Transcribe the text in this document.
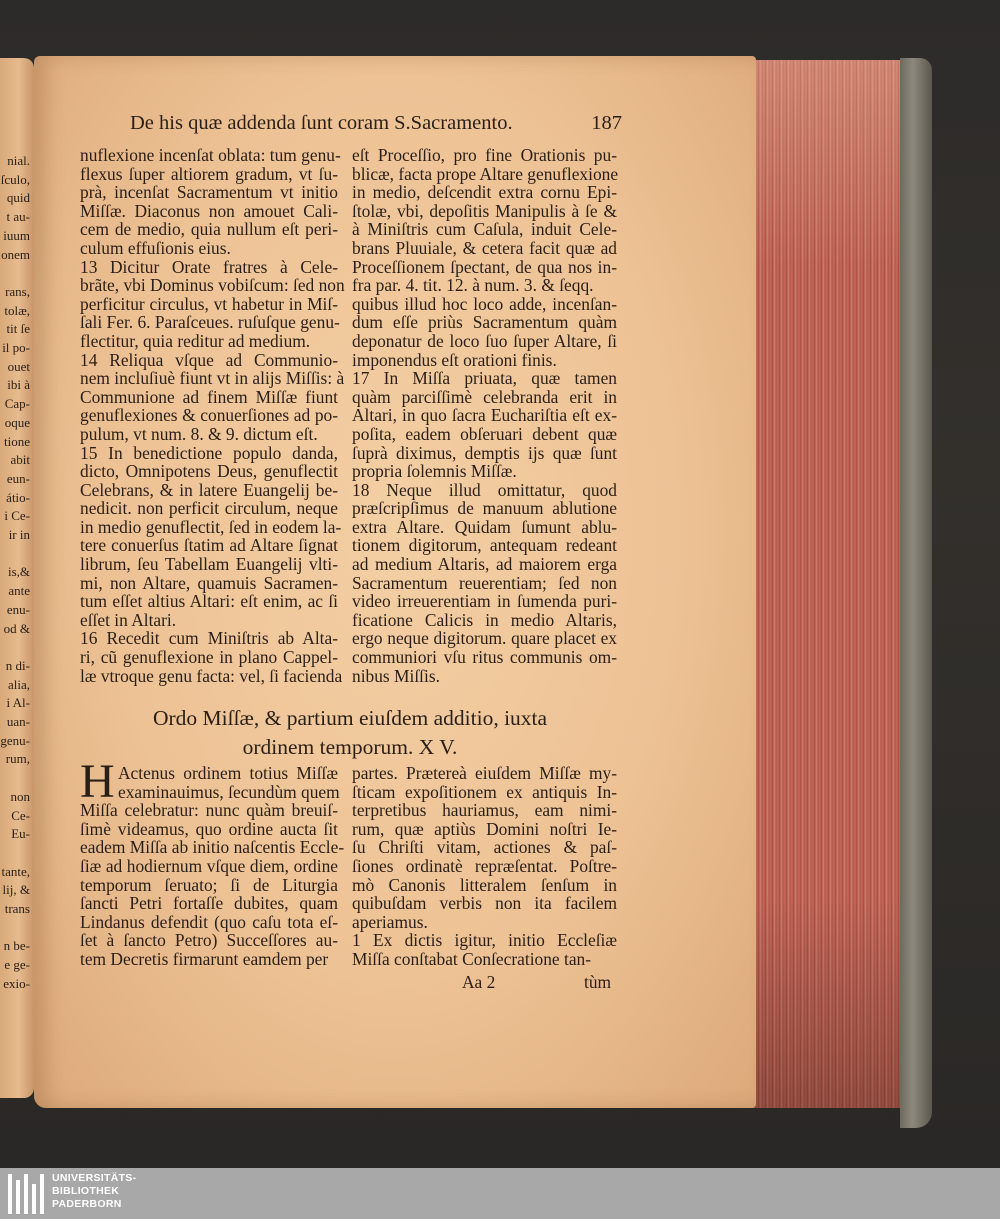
nial.
ſculo,
quid
t au-
iuum
onem
rans,
tolæ,
tit ſe
il po-
ouet
ibi à
Cap-
oque
tione
abit
eun-
átio-
i Ce-
ir in
is,&
ante
enu-
od &
n di-
alia,
i Al-
uan-
genu-
rum,
non
Ce-
Eu-
tante,
lij, &
trans
n be-
e ge-
exio-
De his quæ addenda ſunt coram S.Sacramento.	187
nuflexione incenſat oblata: tum genu-
flexus ſuper altiorem gradum, vt ſu-
prà, incenſat Sacramentum vt initio
Miſſæ. Diaconus non amouet Cali-
cem de medio, quia nullum eſt peri-
culum effuſionis eius.
13 Dicitur Orate fratres à Cele-
brãte, vbi Dominus vobiſcum: ſed non
perficitur circulus, vt habetur in Miſ-
ſali Fer. 6. Paraſceues. ruſuſque genu-
flectitur, quia reditur ad medium.
14 Reliqua vſque ad Communio-
nem incluſiuè fiunt vt in alijs Miſſis: à
Communione ad finem Miſſæ fiunt
genuflexiones & conuerſiones ad po-
pulum, vt num. 8. & 9. dictum eſt.
15 In benedictione populo danda,
dicto, Omnipotens Deus, genuflectit
Celebrans, & in latere Euangelij be-
nedicit. non perficit circulum, neque
in medio genuflectit, ſed in eodem la-
tere conuerſus ſtatim ad Altare ſignat
librum, ſeu Tabellam Euangelij vlti-
mi, non Altare, quamuis Sacramen-
tum eſſet altius Altari: eſt enim, ac ſi
eſſet in Altari.
16 Recedit cum Miniſtris ab Alta-
ri, cũ genuflexione in plano Cappel-
læ vtroque genu facta: vel, ſi facienda
eſt Proceſſio, pro fine Orationis pu-
blicæ, facta prope Altare genuflexione
in medio, deſcendit extra cornu Epi-
ſtolæ, vbi, depoſitis Manipulis à ſe &
à Miniſtris cum Caſula, induit Cele-
brans Pluuiale, & cetera facit quæ ad
Proceſſionem ſpectant, de qua nos in-
fra par. 4. tit. 12. à num. 3. & ſeqq.
quibus illud hoc loco adde, incenſan-
dum eſſe priùs Sacramentum quàm
deponatur de loco ſuo ſuper Altare, ſi
imponendus eſt orationi finis.
17 In Miſſa priuata, quæ tamen
quàm parciſſimè celebranda erit in
Altari, in quo ſacra Euchariſtia eſt ex-
poſita, eadem obſeruari debent quæ
ſuprà diximus, demptis ijs quæ ſunt
propria ſolemnis Miſſæ.
18 Neque illud omittatur, quod
præſcripſimus de manuum ablutione
extra Altare. Quidam ſumunt ablu-
tionem digitorum, antequam redeant
ad medium Altaris, ad maiorem erga
Sacramentum reuerentiam; ſed non
video irreuerentiam in ſumenda puri-
ficatione Calicis in medio Altaris,
ergo neque digitorum. quare placet ex
communiori vſu ritus communis om-
nibus Miſſis.
Ordo Miſſæ, & partium eiuſdem additio, iuxta
ordinem temporum. X V.
H Actenus ordinem totius Miſſæ
examinauimus, ſecundùm quem
Miſſa celebratur: nunc quàm breuiſ-
ſimè videamus, quo ordine aucta ſit
eadem Miſſa ab initio naſcentis Eccle-
ſiæ ad hodiernum vſque diem, ordine
temporum ſeruato; ſi de Liturgia
ſancti Petri fortaſſe dubites, quam
Lindanus defendit (quo caſu tota eſ-
ſet à ſancto Petro) Succeſſores au-
tem Decretis firmarunt eamdem per
partes. Prætereà eiuſdem Miſſæ my-
ſticam expoſitionem ex antiquis In-
terpretibus hauriamus, eam nimi-
rum, quæ aptiùs Domini noſtri Ie-
ſu Chriſti vitam, actiones & paſ-
ſiones ordinatè repræſentat. Poſtre-
mò Canonis litteralem ſenſum in
quibuſdam verbis non ita facilem
aperiamus.
1 Ex dictis igitur, initio Eccleſiæ
Miſſa conſtabat Conſecratione tan-
Aa 2	tùm
UNIVERSITÄTS-
BIBLIOTHEK
PADERBORN
